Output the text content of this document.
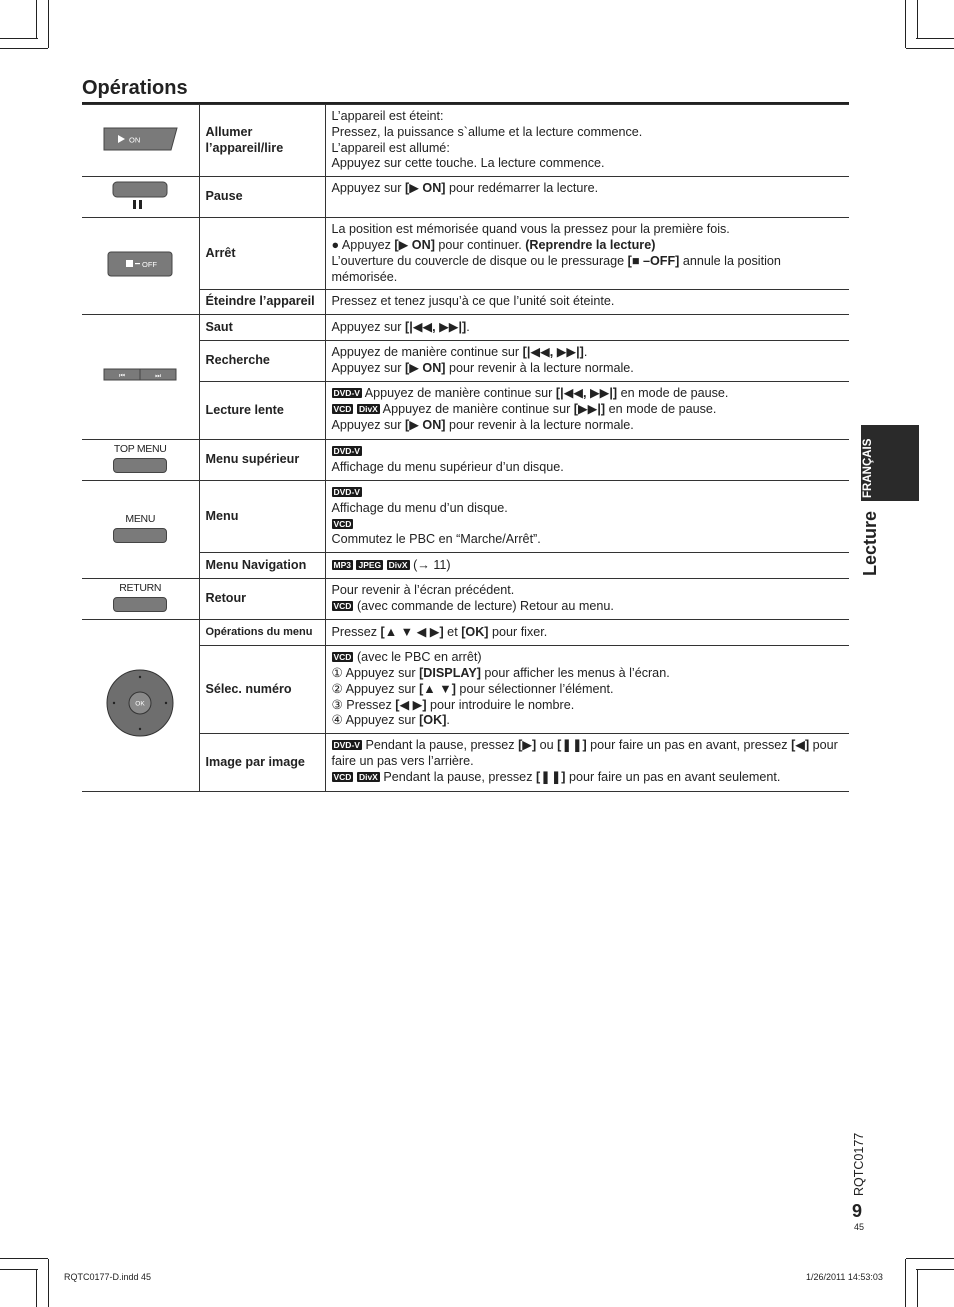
Opérations
ON	Allumer l’appareil/lire	L’appareil est éteint:
Pressez, la puissance s`allume et la lecture commence.
L’appareil est allumé:
Appuyez sur cette touche. La lecture commence.

	Pause	Appuyez sur [▶ ON] pour redémarrer la lecture.

OFF	Arrêt	La position est mémorisée quand vous la pressez pour la première fois.
● Appuyez [▶ ON] pour continuer. (Reprendre la lecture)
L’ouverture du couvercle de disque ou le pressurage [■ –OFF] annule la position mémorisée.

	Éteindre l’appareil	Pressez et tenez jusqu’à ce que l’unité soit éteinte.

⏮ ⏭	Saut	Appuyez sur [|◀◀, ▶▶|].
	Recherche	Appuyez de manière continue sur [|◀◀, ▶▶|].
Appuyez sur [▶ ON] pour revenir à la lecture normale.

	Lecture lente	DVD-V Appuyez de manière continue sur [|◀◀, ▶▶|] en mode de pause.
VCD DivX Appuyez de manière continue sur [▶▶|] en mode de pause.
Appuyez sur [▶ ON] pour revenir à la lecture normale.

TOP MENU	Menu supérieur	DVD-V
Affichage du menu supérieur d’un disque.

MENU	Menu	DVD-V
Affichage du menu d’un disque.
VCD
Commutez le PBC en “Marche/Arrêt”.

	Menu Navigation	MP3 JPEG DivX (→ 11)

RETURN	Retour	Pour revenir à l’écran précédent.
VCD (avec commande de lecture) Retour au menu.

OK	Opérations du menu	Pressez [▲ ▼ ◀ ▶] et [OK] pour fixer.
	Sélec. numéro	VCD (avec le PBC en arrêt)
① Appuyez sur [DISPLAY] pour afficher les menus à l’écran.
② Appuyez sur [▲ ▼] pour sélectionner l’élément.
③ Pressez [◀ ▶] pour introduire le nombre.
④ Appuyez sur [OK].

	Image par image	DVD-V Pendant la pause, pressez [▶] ou [❚❚] pour faire un pas en avant, pressez [◀] pour faire un pas vers l’arrière.
VCD DivX Pendant la pause, pressez [❚❚] pour faire un pas en avant seulement.
FRANÇAIS
Lecture
RQTC0177
9
45
RQTC0177-D.indd 45	1/26/2011 14:53:03
